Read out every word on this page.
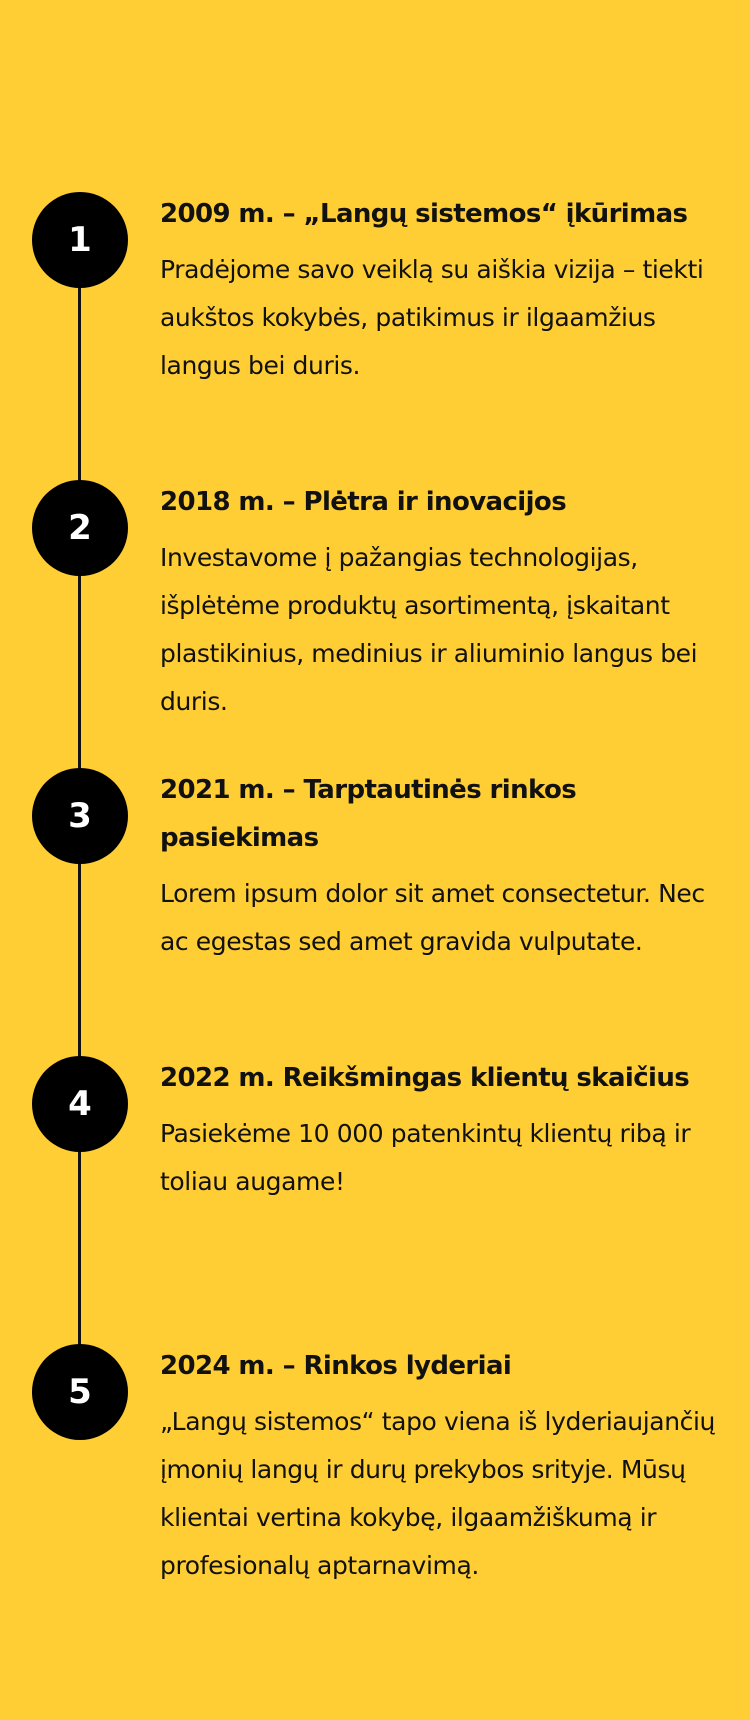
1
2009 m. – „Langų sistemos“ įkūrimas

Pradėjome savo veiklą su aiškia vizija – tiekti aukštos kokybės, patikimus ir ilgaamžius langus bei duris.

2
2018 m. – Plėtra ir inovacijos

Investavome į pažangias technologijas, išplėtėme produktų asortimentą, įskaitant plastikinius, medinius ir aliuminio langus bei duris.

3
2021 m. – Tarptautinės rinkos pasiekimas

Lorem ipsum dolor sit amet consectetur. Nec ac egestas sed amet gravida vulputate.

4
2022 m. Reikšmingas klientų skaičius

Pasiekėme 10 000 patenkintų klientų ribą ir toliau augame!

5
2024 m. – Rinkos lyderiai

„Langų sistemos“ tapo viena iš lyderiaujančių įmonių langų ir durų prekybos srityje. Mūsų klientai vertina kokybę, ilgaamžiškumą ir profesionalų aptarnavimą.
